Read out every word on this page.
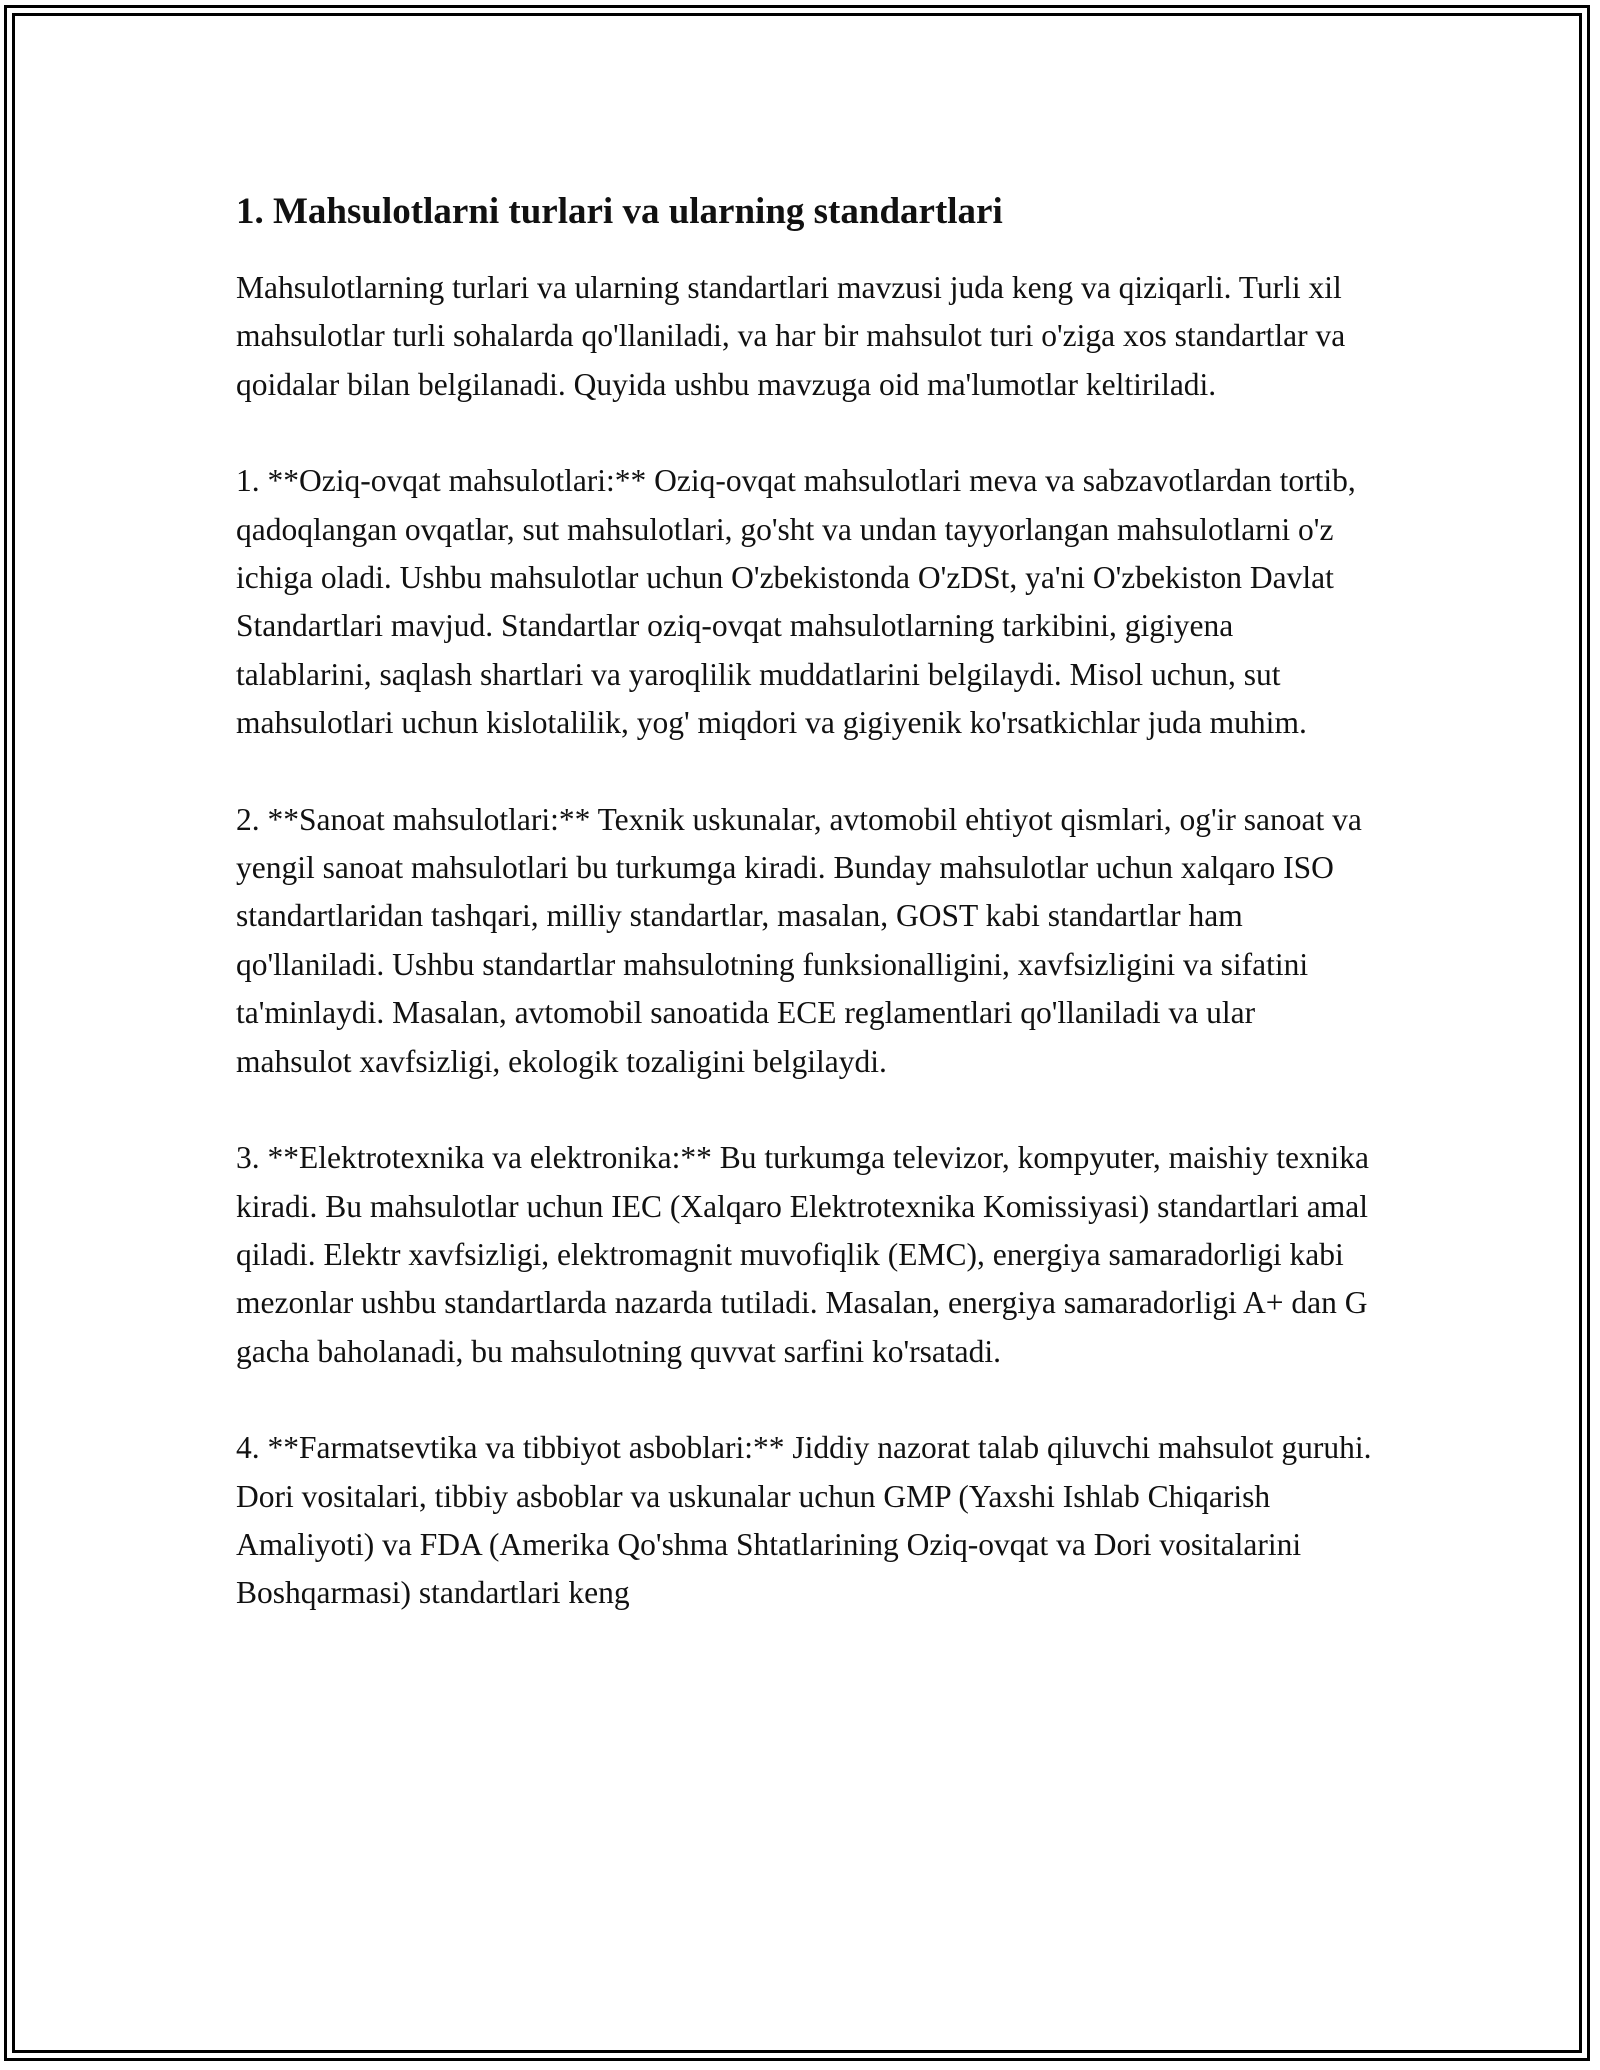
1. Mahsulotlarni turlari va ularning standartlari

Mahsulotlarning turlari va ularning standartlari mavzusi juda keng va qiziqarli. Turli xil mahsulotlar turli sohalarda qo'llaniladi, va har bir mahsulot turi o'ziga xos standartlar va qoidalar bilan belgilanadi. Quyida ushbu mavzuga oid ma'lumotlar keltiriladi.

1. **Oziq-ovqat mahsulotlari:** Oziq-ovqat mahsulotlari meva va sabzavotlardan tortib, qadoqlangan ovqatlar, sut mahsulotlari, go'sht va undan tayyorlangan mahsulotlarni o'z ichiga oladi. Ushbu mahsulotlar uchun O'zbekistonda O'zDSt, ya'ni O'zbekiston Davlat Standartlari mavjud. Standartlar oziq-ovqat mahsulotlarning tarkibini, gigiyena talablarini, saqlash shartlari va yaroqlilik muddatlarini belgilaydi. Misol uchun, sut mahsulotlari uchun kislotalilik, yog' miqdori va gigiyenik ko'rsatkichlar juda muhim.

2. **Sanoat mahsulotlari:** Texnik uskunalar, avtomobil ehtiyot qismlari, og'ir sanoat va yengil sanoat mahsulotlari bu turkumga kiradi. Bunday mahsulotlar uchun xalqaro ISO standartlaridan tashqari, milliy standartlar, masalan, GOST kabi standartlar ham qo'llaniladi. Ushbu standartlar mahsulotning funksionalligini, xavfsizligini va sifatini ta'minlaydi. Masalan, avtomobil sanoatida ECE reglamentlari qo'llaniladi va ular mahsulot xavfsizligi, ekologik tozaligini belgilaydi.

3. **Elektrotexnika va elektronika:** Bu turkumga televizor, kompyuter, maishiy texnika kiradi. Bu mahsulotlar uchun IEC (Xalqaro Elektrotexnika Komissiyasi) standartlari amal qiladi. Elektr xavfsizligi, elektromagnit muvofiqlik (EMC), energiya samaradorligi kabi mezonlar ushbu standartlarda nazarda tutiladi. Masalan, energiya samaradorligi A+ dan G gacha baholanadi, bu mahsulotning quvvat sarfini ko'rsatadi.

4. **Farmatsevtika va tibbiyot asboblari:** Jiddiy nazorat talab qiluvchi mahsulot guruhi. Dori vositalari, tibbiy asboblar va uskunalar uchun GMP (Yaxshi Ishlab Chiqarish Amaliyoti) va FDA (Amerika Qo'shma Shtatlarining Oziq-ovqat va Dori vositalarini Boshqarmasi) standartlari keng
